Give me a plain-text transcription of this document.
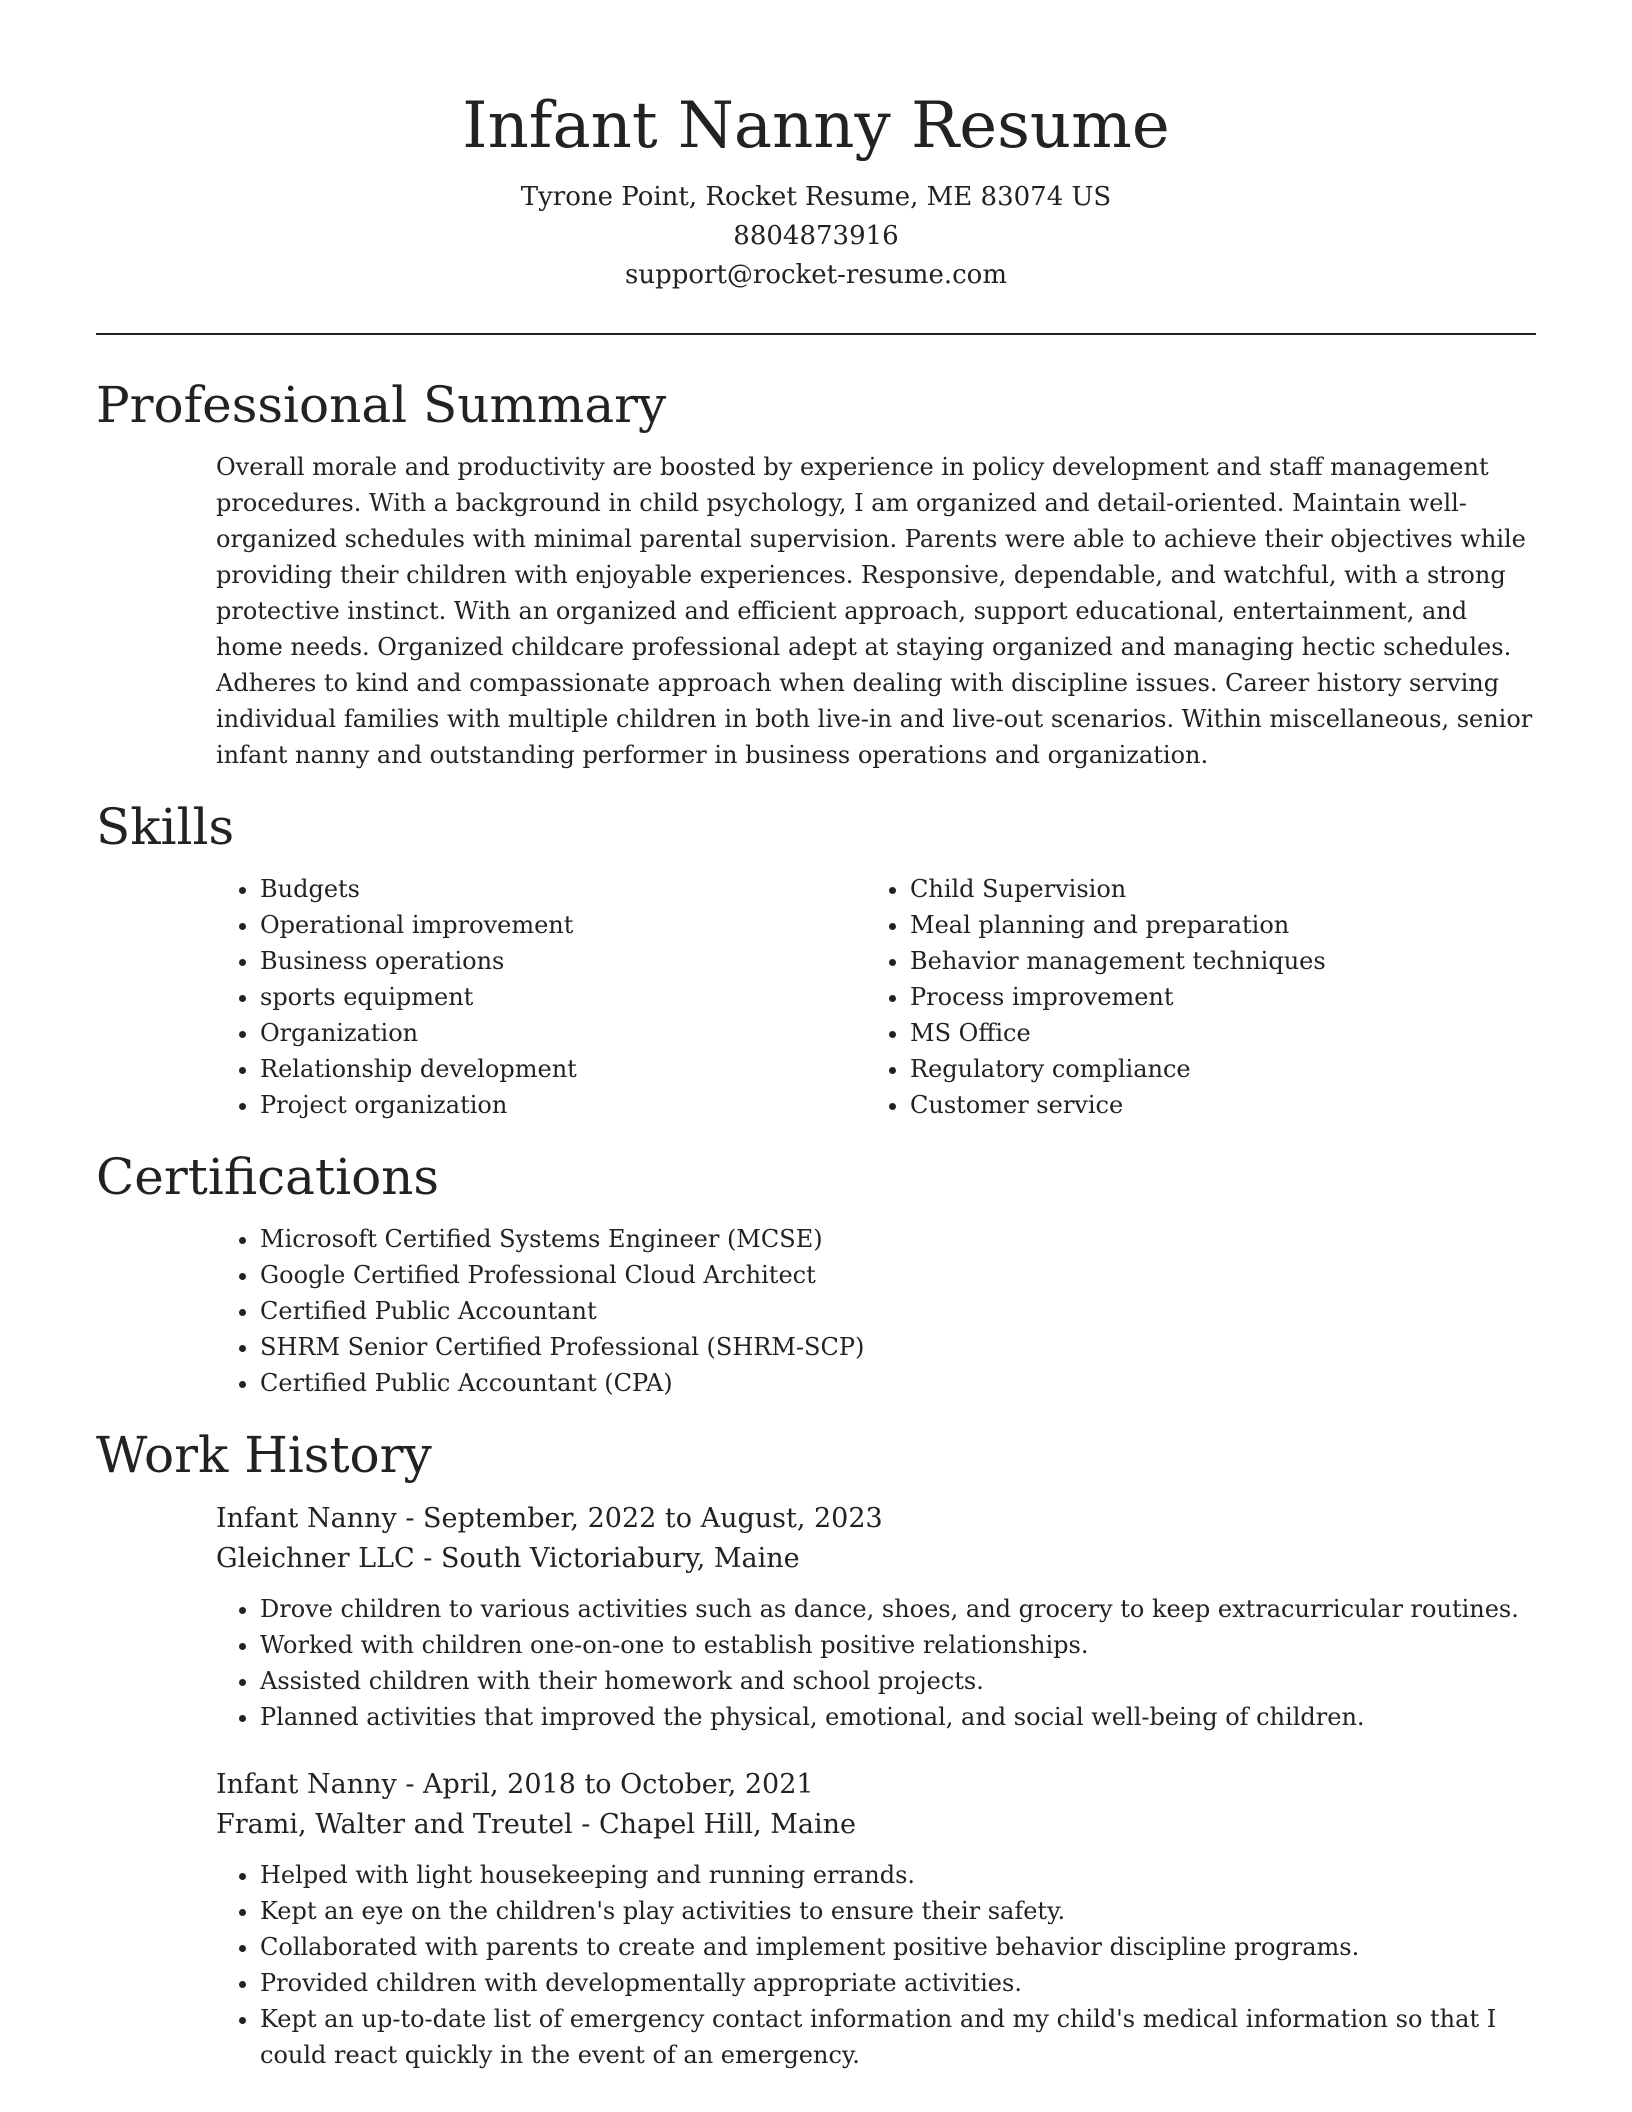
Infant Nanny Resume

Tyrone Point, Rocket Resume, ME 83074 US

8804873916

support@rocket-resume.com

Professional Summary

Overall morale and productivity are boosted by experience in policy development and staff management procedures. With a background in child psychology, I am organized and detail-oriented. Maintain well-organized schedules with minimal parental supervision. Parents were able to achieve their objectives while providing their children with enjoyable experiences. Responsive, dependable, and watchful, with a strong protective instinct. With an organized and efficient approach, support educational, entertainment, and home needs. Organized childcare professional adept at staying organized and managing hectic schedules. Adheres to kind and compassionate approach when dealing with discipline issues. Career history serving individual families with multiple children in both live-in and live-out scenarios. Within miscellaneous, senior infant nanny and outstanding performer in business operations and organization.

Skills
• Budgets
• Operational improvement
• Business operations
• sports equipment
• Organization
• Relationship development
• Project organization
• Child Supervision
• Meal planning and preparation
• Behavior management techniques
• Process improvement
• MS Office
• Regulatory compliance
• Customer service
Certifications
• Microsoft Certified Systems Engineer (MCSE)
• Google Certified Professional Cloud Architect
• Certified Public Accountant
• SHRM Senior Certified Professional (SHRM-SCP)
• Certified Public Accountant (CPA)
Work History

Infant Nanny - September, 2022 to August, 2023

Gleichner LLC - South Victoriabury, Maine

• Drove children to various activities such as dance, shoes, and grocery to keep extracurricular routines.
• Worked with children one-on-one to establish positive relationships.
• Assisted children with their homework and school projects.
• Planned activities that improved the physical, emotional, and social well-being of children.

Infant Nanny - April, 2018 to October, 2021

Frami, Walter and Treutel - Chapel Hill, Maine

• Helped with light housekeeping and running errands.
• Kept an eye on the children's play activities to ensure their safety.
• Collaborated with parents to create and implement positive behavior discipline programs.
• Provided children with developmentally appropriate activities.
• Kept an up-to-date list of emergency contact information and my child's medical information so that I could react quickly in the event of an emergency.
